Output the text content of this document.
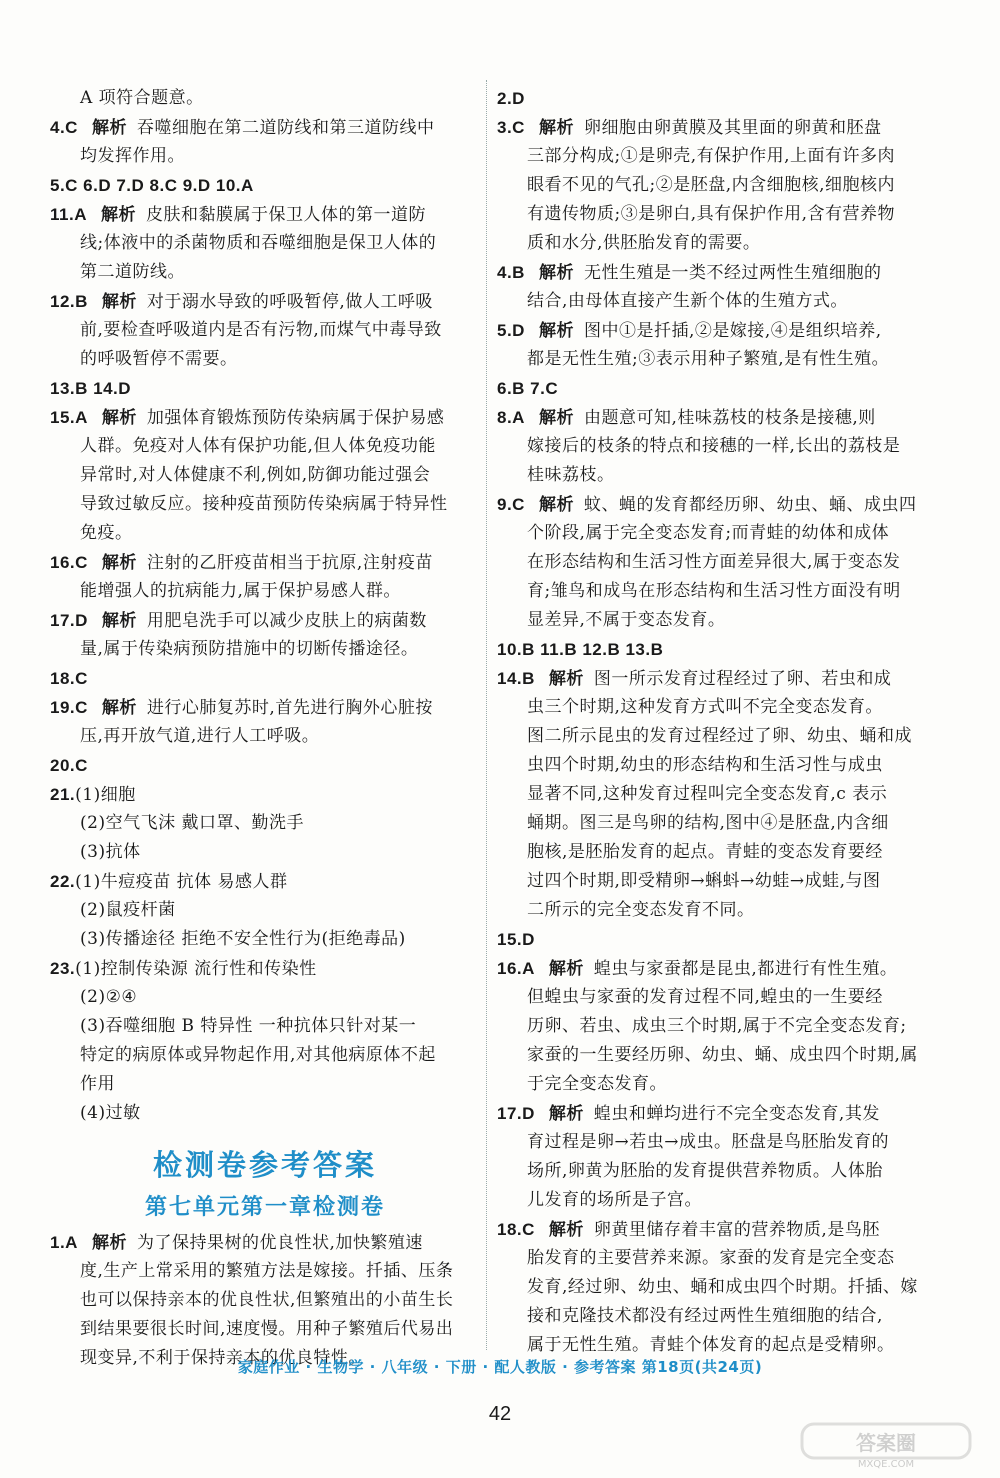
A 项符合题意。
4.C 解析 吞噬细胞在第二道防线和第三道防线中
均发挥作用。
5.C 6.D 7.D 8.C 9.D 10.A
11.A 解析 皮肤和黏膜属于保卫人体的第一道防
线;体液中的杀菌物质和吞噬细胞是保卫人体的
第二道防线。
12.B 解析 对于溺水导致的呼吸暂停,做人工呼吸
前,要检查呼吸道内是否有污物,而煤气中毒导致
的呼吸暂停不需要。
13.B 14.D
15.A 解析 加强体育锻炼预防传染病属于保护易感
人群。免疫对人体有保护功能,但人体免疫功能
异常时,对人体健康不利,例如,防御功能过强会
导致过敏反应。接种疫苗预防传染病属于特异性
免疫。
16.C 解析 注射的乙肝疫苗相当于抗原,注射疫苗
能增强人的抗病能力,属于保护易感人群。
17.D 解析 用肥皂洗手可以减少皮肤上的病菌数
量,属于传染病预防措施中的切断传播途径。
18.C
19.C 解析 进行心肺复苏时,首先进行胸外心脏按
压,再开放气道,进行人工呼吸。
20.C
21.(1)细胞
(2)空气飞沫 戴口罩、勤洗手
(3)抗体
22.(1)牛痘疫苗 抗体 易感人群
(2)鼠疫杆菌
(3)传播途径 拒绝不安全性行为(拒绝毒品)
23.(1)控制传染源 流行性和传染性
(2)②④
(3)吞噬细胞 B 特异性 一种抗体只针对某一
特定的病原体或异物起作用,对其他病原体不起
作用
(4)过敏
检测卷参考答案
第七单元第一章检测卷
1.A 解析 为了保持果树的优良性状,加快繁殖速
度,生产上常采用的繁殖方法是嫁接。扦插、压条
也可以保持亲本的优良性状,但繁殖出的小苗生长
到结果要很长时间,速度慢。用种子繁殖后代易出
现变异,不利于保持亲本的优良特性。
2.D
3.C 解析 卵细胞由卵黄膜及其里面的卵黄和胚盘
三部分构成;①是卵壳,有保护作用,上面有许多肉
眼看不见的气孔;②是胚盘,内含细胞核,细胞核内
有遗传物质;③是卵白,具有保护作用,含有营养物
质和水分,供胚胎发育的需要。
4.B 解析 无性生殖是一类不经过两性生殖细胞的
结合,由母体直接产生新个体的生殖方式。
5.D 解析 图中①是扦插,②是嫁接,④是组织培养,
都是无性生殖;③表示用种子繁殖,是有性生殖。
6.B 7.C
8.A 解析 由题意可知,桂味荔枝的枝条是接穗,则
嫁接后的枝条的特点和接穗的一样,长出的荔枝是
桂味荔枝。
9.C 解析 蚊、蝇的发育都经历卵、幼虫、蛹、成虫四
个阶段,属于完全变态发育;而青蛙的幼体和成体
在形态结构和生活习性方面差异很大,属于变态发
育;雏鸟和成鸟在形态结构和生活习性方面没有明
显差异,不属于变态发育。
10.B 11.B 12.B 13.B
14.B 解析 图一所示发育过程经过了卵、若虫和成
虫三个时期,这种发育方式叫不完全变态发育。
图二所示昆虫的发育过程经过了卵、幼虫、蛹和成
虫四个时期,幼虫的形态结构和生活习性与成虫
显著不同,这种发育过程叫完全变态发育,c 表示
蛹期。图三是鸟卵的结构,图中④是胚盘,内含细
胞核,是胚胎发育的起点。青蛙的变态发育要经
过四个时期,即受精卵→蝌蚪→幼蛙→成蛙,与图
二所示的完全变态发育不同。
15.D
16.A 解析 蝗虫与家蚕都是昆虫,都进行有性生殖。
但蝗虫与家蚕的发育过程不同,蝗虫的一生要经
历卵、若虫、成虫三个时期,属于不完全变态发育;
家蚕的一生要经历卵、幼虫、蛹、成虫四个时期,属
于完全变态发育。
17.D 解析 蝗虫和蝉均进行不完全变态发育,其发
育过程是卵→若虫→成虫。胚盘是鸟胚胎发育的
场所,卵黄为胚胎的发育提供营养物质。人体胎
儿发育的场所是子宫。
18.C 解析 卵黄里储存着丰富的营养物质,是鸟胚
胎发育的主要营养来源。家蚕的发育是完全变态
发育,经过卵、幼虫、蛹和成虫四个时期。扦插、嫁
接和克隆技术都没有经过两性生殖细胞的结合,
属于无性生殖。青蛙个体发育的起点是受精卵。
家庭作业 · 生物学 · 八年级 · 下册 · 配人教版 · 参考答案 第18页(共24页)
42
答案圈
MXQE.COM
